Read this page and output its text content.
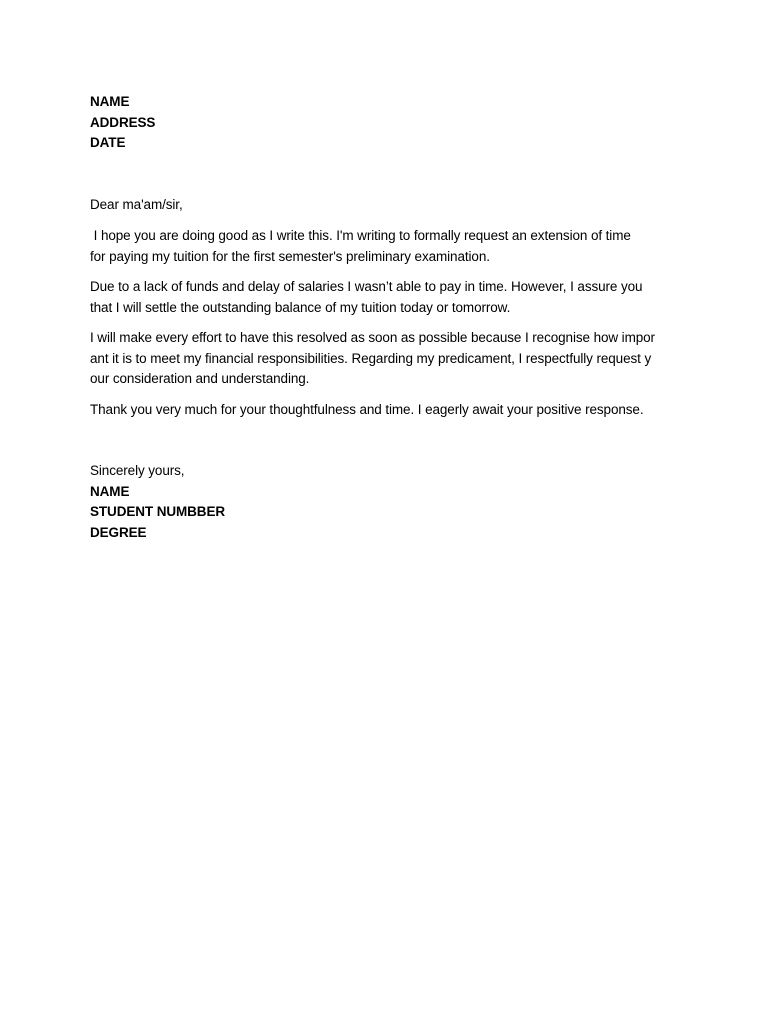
NAME
ADDRESS
DATE
Dear ma'am/sir,
I hope you are doing good as I write this. I'm writing to formally request an extension of time
for paying my tuition for the first semester's preliminary examination.
Due to a lack of funds and delay of salaries I wasn’t able to pay in time. However, I assure you
that I will settle the outstanding balance of my tuition today or tomorrow.
I will make every effort to have this resolved as soon as possible because I recognise how impor
ant it is to meet my financial responsibilities. Regarding my predicament, I respectfully request y
our consideration and understanding.
Thank you very much for your thoughtfulness and time. I eagerly await your positive response.
Sincerely yours,
NAME
STUDENT NUMBBER
DEGREE
